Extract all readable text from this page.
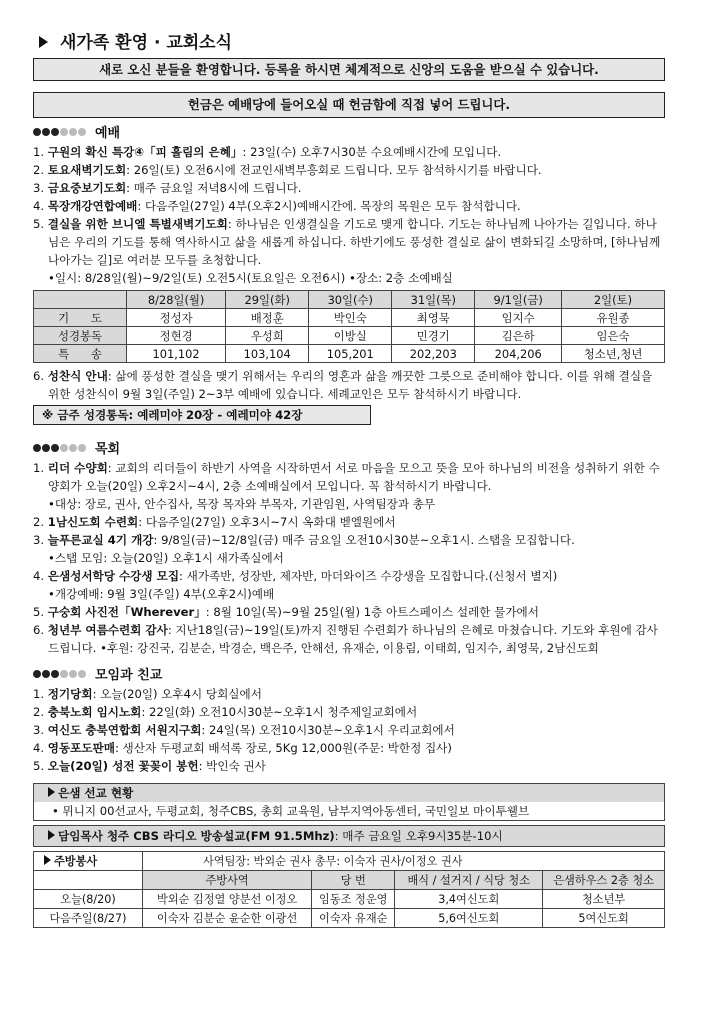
새가족 환영 · 교회소식
새로 오신 분들을 환영합니다. 등록을 하시면 체계적으로 신앙의 도움을 받으실 수 있습니다.
헌금은 예배당에 들어오실 때 헌금함에 직접 넣어 드립니다.
예배

1. 구원의 확신 특강④「피 흘림의 은혜」: 23일(수) 오후7시30분 수요예배시간에 모입니다.

2. 토요새벽기도회: 26일(토) 오전6시에 전교인새벽부흥회로 드립니다. 모두 참석하시기를 바랍니다.

3. 금요중보기도회: 매주 금요일 저녁8시에 드립니다.

4. 목장개강연합예배: 다음주일(27일) 4부(오후2시)예배시간에. 목장의 목원은 모두 참석합니다.

5. 결실을 위한 브니엘 특별새벽기도회: 하나님은 인생결실을 기도로 맺게 합니다. 기도는 하나님께 나아가는 길입니다. 하나님은 우리의 기도를 통해 역사하시고 삶을 새롭게 하십니다. 하반기에도 풍성한 결실로 삶이 변화되길 소망하며, [하나님께 나아가는 길]로 여러분 모두를 초청합니다.

•일시: 8/28일(월)~9/2일(토) 오전5시(토요일은 오전6시) •장소: 2층 소예배실

	8/28일(월)	29일(화)	30일(수)	31일(목)	9/1일(금)	2일(토)
기      도	정성자	배정훈	박인숙	최영묵	임지수	유원종
성경봉독	정현경	우성희	이방실	민경기	김은하	임은숙
특      송	101,102	103,104	105,201	202,203	204,206	청소년,청년

6. 성찬식 안내: 삶에 풍성한 결실을 맺기 위해서는 우리의 영혼과 삶을 깨끗한 그릇으로 준비해야 합니다. 이를 위해 결실을 위한 성찬식이 9월 3일(주일) 2~3부 예배에 있습니다. 세례교인은 모두 참석하시기 바랍니다.

※ 금주 성경통독: 예레미야 20장 - 예레미야 42장
목회

1. 리더 수양회: 교회의 리더들이 하반기 사역을 시작하면서 서로 마음을 모으고 뜻을 모아 하나님의 비전을 성취하기 위한 수양회가 오늘(20일) 오후2시~4시, 2층 소예배실에서 모입니다. 꼭 참석하시기 바랍니다.

•대상: 장로, 권사, 안수집사, 목장 목자와 부목자, 기관임원, 사역팀장과 총무

2. 1남신도회 수련회: 다음주일(27일) 오후3시~7시 옥화대 벧엘원에서

3. 늘푸른교실 4기 개강: 9/8일(금)~12/8일(금) 매주 금요일 오전10시30분~오후1시. 스탭을 모집합니다.

•스탭 모임: 오늘(20일) 오후1시 새가족실에서

4. 은샘성서학당 수강생 모집: 새가족반, 성장반, 제자반, 마더와이즈 수강생을 모집합니다.(신청서 별지)

•개강예배: 9월 3일(주일) 4부(오후2시)예배

5. 구숭회 사진전「Wherever」: 8월 10일(목)~9월 25일(월) 1층 아트스페이스 설레한 물가에서

6. 청년부 여름수련회 감사: 지난18일(금)~19일(토)까지 진행된 수련회가 하나님의 은혜로 마쳤습니다. 기도와 후원에 감사드립니다. •후원: 강진국, 김분순, 박경순, 백은주, 안해선, 유재순, 이용림, 이태희, 임지수, 최영묵, 2남신도회

모임과 친교

1. 정기당회: 오늘(20일) 오후4시 당회실에서

2. 충북노회 임시노회: 22일(화) 오전10시30분~오후1시 청주제일교회에서

3. 여신도 충북연합회 서원지구회: 24일(목) 오전10시30분~오후1시 우리교회에서

4. 영동포도판매: 생산자 두평교회 배석록 장로, 5Kg 12,000원(주문: 박한정 집사)

5. 오늘(20일) 성전 꽃꽂이 봉헌: 박인숙 권사

은샘 선교 현황
• 뮈니지 00선교사, 두평교회, 청주CBS, 총회 교육원, 남부지역아동센터, 국민일보 마이투웰브
담임목사 청주 CBS 라디오 방송설교(FM 91.5Mhz): 매주 금요일 오후9시35분-10시
주방봉사	사역팀장: 박외순 권사 총무: 이숙자 권사/이정오 권사			
	주방사역	당 번	배식 / 설거지 / 식당 청소	은샘하우스 2층 청소
오늘(8/20)	박외순 김정열 양분선 이정오	임동조 정운영	3,4여신도회	청소년부
다음주일(8/27)	이숙자 김분순 윤순한 이광선	이숙자 유재순	5,6여신도회	5여신도회
